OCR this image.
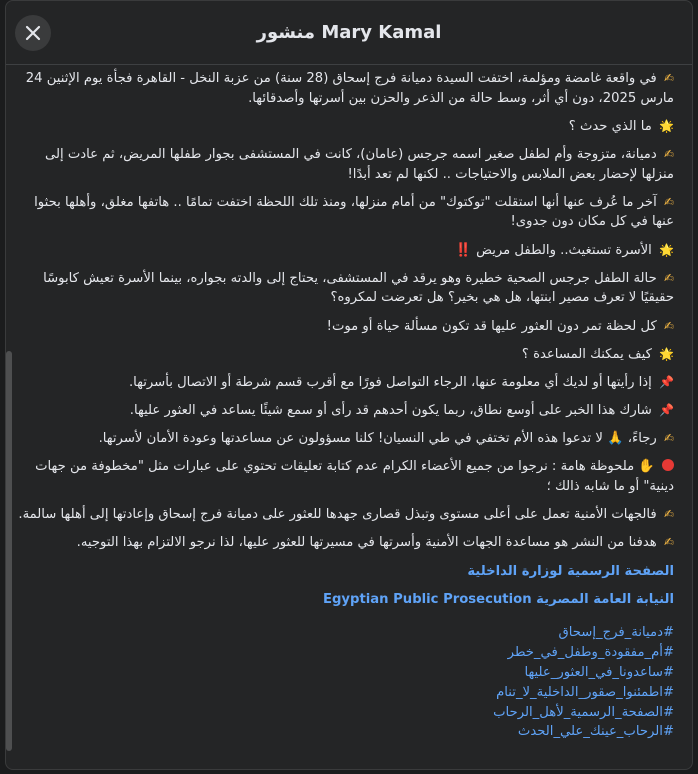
منشور Mary Kamal
✍ في واقعة غامضة ومؤلمة، اختفت السيدة دميانة فرج إسحاق (28 سنة) من عزبة النخل - القاهرة فجأة يوم الإثنين 24 مارس 2025، دون أي أثر، وسط حالة من الذعر والحزن بين أسرتها وأصدقائها.
🌟 ما الذي حدث ؟
✍ دميانة، متزوجة وأم لطفل صغير اسمه جرجس (عامان)، كانت في المستشفى بجوار طفلها المريض، ثم عادت إلى منزلها لإحضار بعض الملابس والاحتياجات .. لكنها لم تعد أبدًا!
✍ آخر ما عُرف عنها أنها استقلت "توكتوك" من أمام منزلها، ومنذ تلك اللحظة اختفت تمامًا .. هاتفها مغلق، وأهلها بحثوا عنها في كل مكان دون جدوى!
🌟 الأسرة تستغيث.. والطفل مريض ‼️
✍ حالة الطفل جرجس الصحية خطيرة وهو يرقد في المستشفى، يحتاج إلى والدته بجواره، بينما الأسرة تعيش كابوسًا حقيقيًا لا تعرف مصير ابنتها، هل هي بخير؟ هل تعرضت لمكروه؟
✍ كل لحظة تمر دون العثور عليها قد تكون مسألة حياة أو موت!
🌟 كيف يمكنك المساعدة ؟
📌 إذا رأيتها أو لديك أي معلومة عنها، الرجاء التواصل فورًا مع أقرب قسم شرطة أو الاتصال بأسرتها.
📌 شارك هذا الخبر على أوسع نطاق، ربما يكون أحدهم قد رأى أو سمع شيئًا يساعد في العثور عليها.
✍ رجاءً، 🙏 لا تدعوا هذه الأم تختفي في طي النسيان! كلنا مسؤولون عن مساعدتها وعودة الأمان لأسرتها.
✋ ملحوظة هامة : نرجوا من جميع الأعضاء الكرام عدم كتابة تعليقات تحتوي على عبارات مثل "مخطوفة من جهات دينية" أو ما شابه ذالك ؛
✍ فالجهات الأمنية تعمل على أعلى مستوى وتبذل قصارى جهدها للعثور على دميانة فرج إسحاق وإعادتها إلى أهلها سالمة.
✍ هدفنا من النشر هو مساعدة الجهات الأمنية وأسرتها في مسيرتها للعثور عليها، لذا نرجو الالتزام بهذا التوجيه.
الصفحة الرسمية لوزارة الداخلية
النيابة العامة المصرية Egyptian Public Prosecution
#دميانة_فرج_إسحاق
#أم_مفقودة_وطفل_في_خطر
#ساعدونا_في_العثور_عليها
#اطمئنوا_صقور_الداخلية_لا_تنام
#الصفحة_الرسمية_لأهل_الرحاب
#الرحاب_عينك_علي_الحدث
